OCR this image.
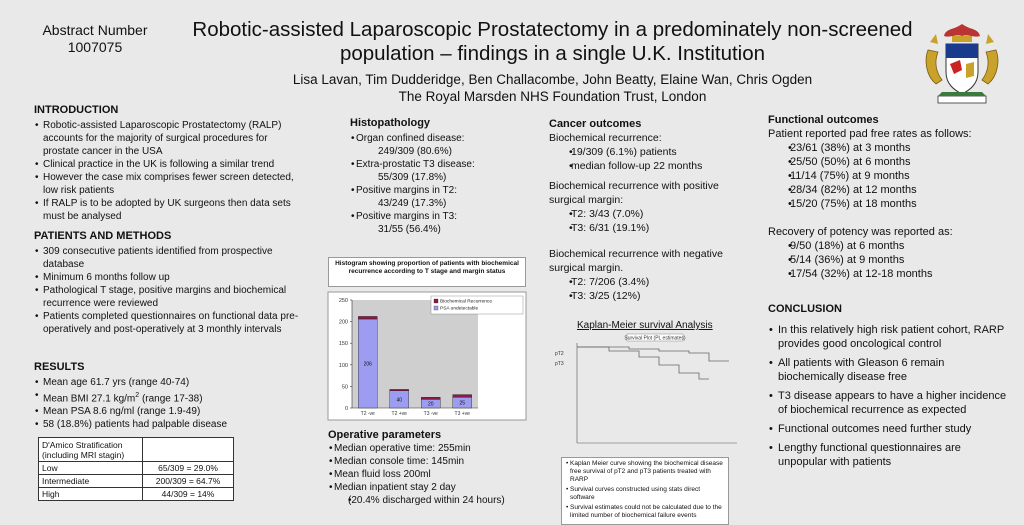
Abstract Number
1007075
Robotic-assisted Laparoscopic Prostatectomy in a predominately non-screened population – findings in a single U.K. Institution
Lisa Lavan, Tim Dudderidge, Ben Challacombe, John Beatty, Elaine Wan, Chris Ogden
The Royal Marsden NHS Foundation Trust, London
INTRODUCTION
• Robotic-assisted Laparoscopic Prostatectomy (RALP) accounts for the majority of surgical procedures for prostate cancer in the USA
• Clinical practice in the UK is following a similar trend
• However the case mix comprises fewer screen detected, low risk patients
• If RALP is to be adopted by UK surgeons then data sets must be analysed
PATIENTS AND METHODS
• 309 consecutive patients identified from prospective database
• Minimum 6 months follow up
• Pathological T stage, positive margins and biochemical recurrence were reviewed
• Patients completed questionnaires on functional data pre-operatively and post-operatively at 3 monthly intervals
RESULTS
• Mean age 61.7 yrs (range 40-74)
• Mean BMI 27.1 $kg/m^2$ (range 17-38)
• Mean PSA 8.6 ng/ml (range 1.9-49)
• 58 (18.8%) patients had palpable disease
D'Amico Stratification (including MRI stagin)	
Low	65/309 = 29.0%
Intermediate	200/309 = 64.7%
High	44/309 = 14%
Histopathology
• Organ confined disease:
249/309 (80.6%)
• Extra-prostatic T3 disease:
55/309 (17.8%)
• Positive margins in T2:
43/249 (17.3%)
• Positive margins in T3:
31/55 (56.4%)
Histogram showing proportion of patients with biochemical recurrence according to T stage and margin status
0
50
100
150
200
250
206
T2 -ve
40
T2 +ve
20
T3 -ve
25
T3 +ve
Biochemical Recurrence
PSA undetectable
Operative parameters
• Median operative time: 255min
• Median console time: 145min
• Mean fluid loss 200ml
• Median inpatient stay 2 day
• (20.4% discharged within 24 hours)
Cancer outcomes
Biochemical recurrence:
• 19/309 (6.1%) patients
• median follow-up 22 months
Biochemical recurrence with positive surgical margin:
• T2: 3/43 (7.0%)
• T3: 6/31 (19.1%)
Biochemical recurrence with negative surgical margin.
• T2: 7/206 (3.4%)
• T3: 3/25 (12%)
Kaplan-Meier survival Analysis
Survival Plot (PL estimates)
pT2
pT3
• Kaplan Meier curve showing the biochemical disease free survival of pT2 and pT3 patients treated with RARP
• Survival curves constructed using stats direct software
• Survival estimates could not be calculated due to the limited number of biochemical failure events
Functional outcomes
Patient reported pad free rates as follows:
• 23/61 (38%) at 3 months
• 25/50 (50%) at 6 months
• 11/14 (75%) at 9 months
• 28/34 (82%) at 12 months
• 15/20 (75%) at 18 months
Recovery of potency was reported as:
• 9/50 (18%) at 6 months
• 5/14 (36%) at 9 months
• 17/54 (32%) at 12-18 months
CONCLUSION
• In this relatively high risk patient cohort, RARP provides good oncological control
• All patients with Gleason 6 remain biochemically disease free
• T3 disease appears to have a higher incidence of biochemical recurrence as expected
• Functional outcomes need further study
• Lengthy functional questionnaires are unpopular with patients
